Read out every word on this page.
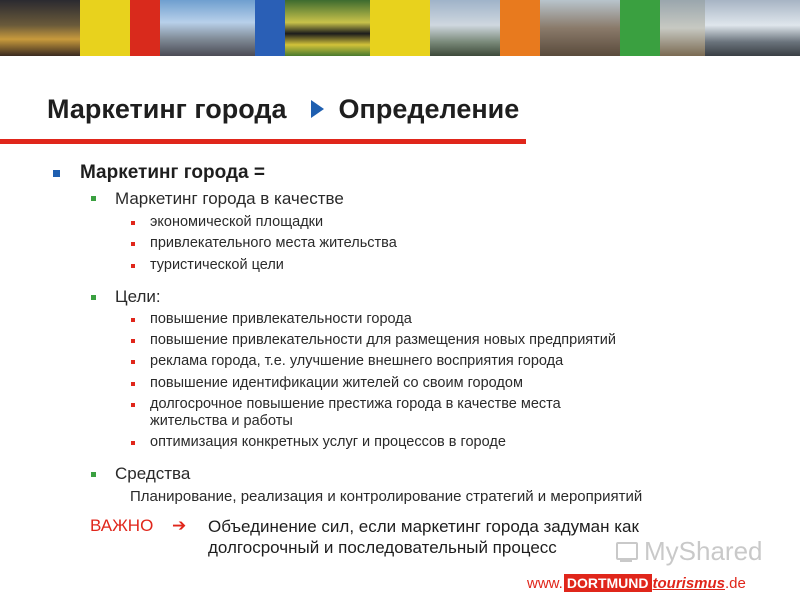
Маркетинг города Определение
Маркетинг города =
Маркетинг города в качестве
экономической площадки
привлекательного места жительства
туристической цели
Цели:
повышение привлекательности города
повышение привлекательности для размещения новых предприятий
реклама города, т.е. улучшение внешнего восприятия города
повышение идентификации жителей со своим городом
долгосрочное повышение престижа города в качестве места
жительства и работы
оптимизация конкретных услуг и процессов в городе
Средства
Планирование, реализация и контролирование стратегий и мероприятий
ВАЖНО ➔ Объединение сил, если маркетинг города задуман как
долгосрочный и последовательный процесс	MyShared
www. DORTMUND tourismus .de
